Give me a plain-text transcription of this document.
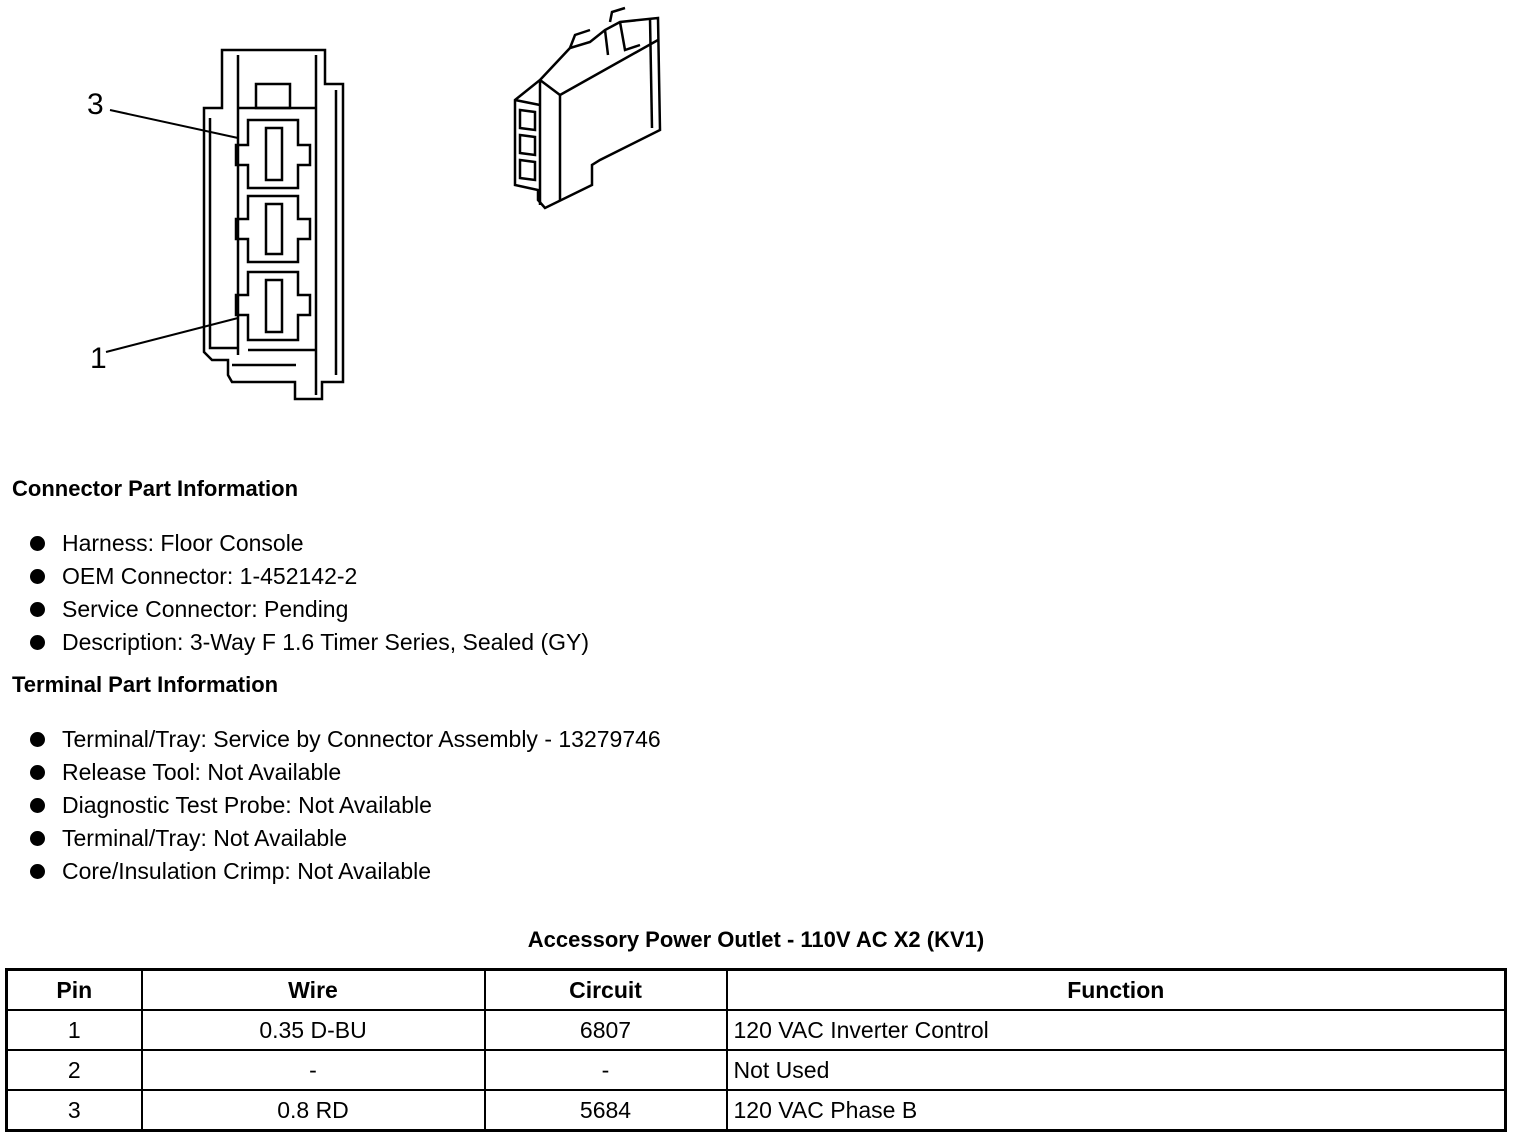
3
1
Connector Part Information
Harness: Floor Console
OEM Connector: 1-452142-2
Service Connector: Pending
Description: 3-Way F 1.6 Timer Series, Sealed (GY)
Terminal Part Information
Terminal/Tray: Service by Connector Assembly - 13279746
Release Tool: Not Available
Diagnostic Test Probe: Not Available
Terminal/Tray: Not Available
Core/Insulation Crimp: Not Available
Accessory Power Outlet - 110V AC X2 (KV1)
Pin	Wire	Circuit	Function
1	0.35 D-BU	6807	120 VAC Inverter Control
2	-	-	Not Used
3	0.8 RD	5684	120 VAC Phase B
